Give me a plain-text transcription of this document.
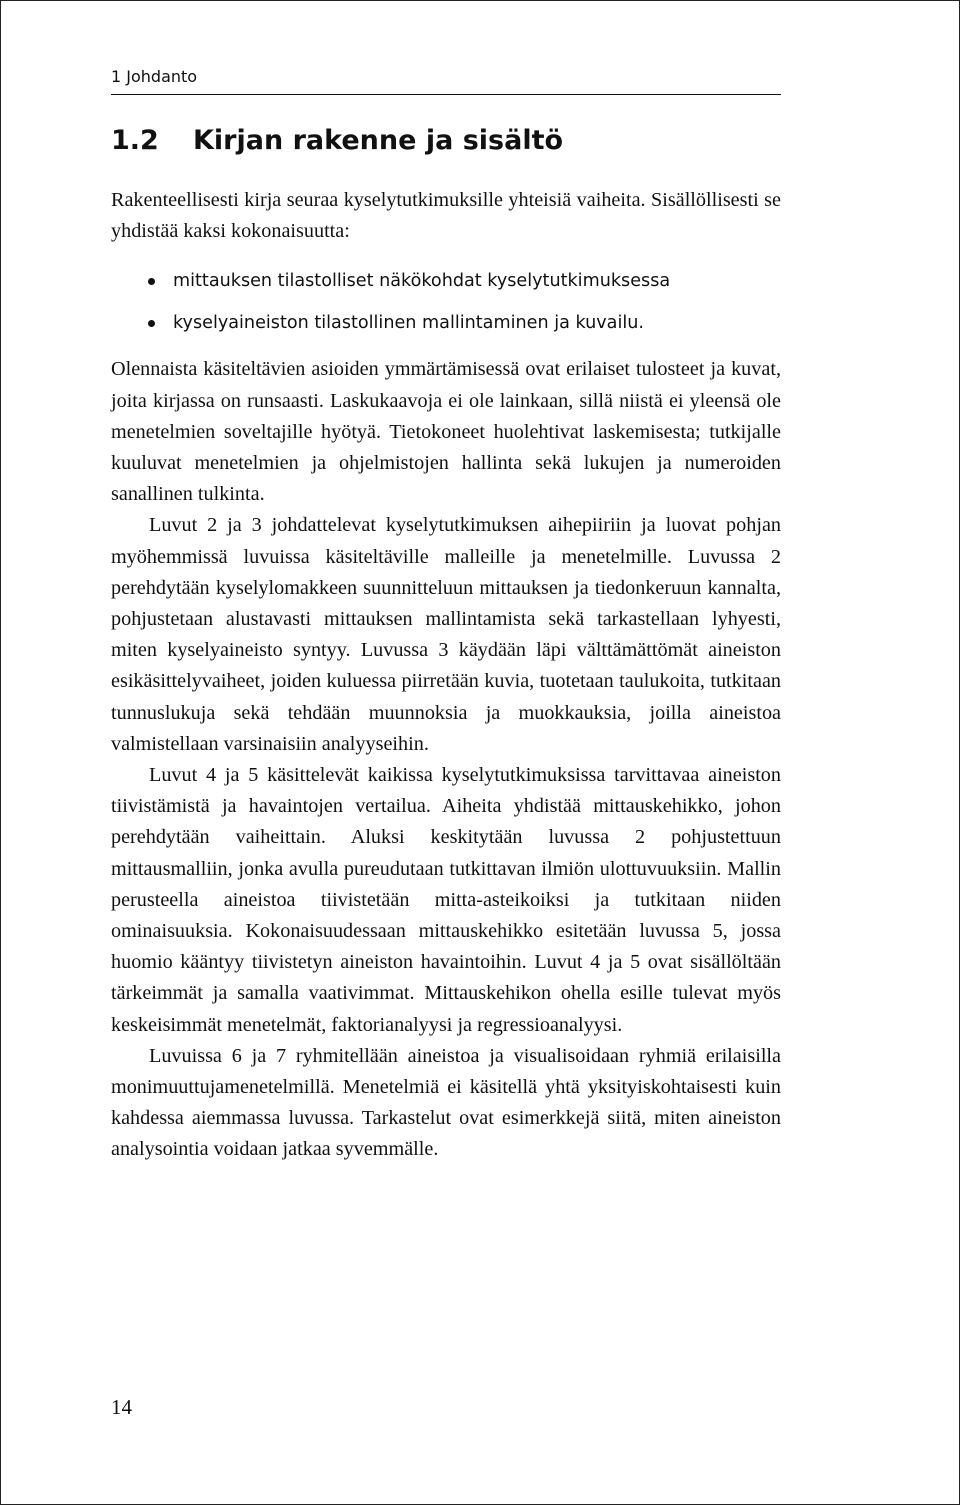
1 Johdanto
1.2 Kirjan rakenne ja sisältö

Rakenteellisesti kirja seuraa kyselytutkimuksille yhteisiä vaiheita. Sisällöllisesti se yhdistää kaksi kokonaisuutta:

mittauksen tilastolliset näkökohdat kyselytutkimuksessa
kyselyaineiston tilastollinen mallintaminen ja kuvailu.

Olennaista käsiteltävien asioiden ymmärtämisessä ovat erilaiset tulosteet ja kuvat, joita kirjassa on runsaasti. Laskukaavoja ei ole lainkaan, sillä niistä ei yleensä ole menetelmien soveltajille hyötyä. Tietokoneet huolehtivat laskemisesta; tutkijalle kuuluvat menetelmien ja ohjelmistojen hallinta sekä lukujen ja numeroiden sanallinen tulkinta.

Luvut 2 ja 3 johdattelevat kyselytutkimuksen aihepiiriin ja luovat pohjan myöhemmissä luvuissa käsiteltäville malleille ja menetelmille. Luvussa 2 perehdytään kyselylomakkeen suunnitteluun mittauksen ja tiedonkeruun kannalta, pohjustetaan alustavasti mittauksen mallintamista sekä tarkastellaan lyhyesti, miten kyselyaineisto syntyy. Luvussa 3 käydään läpi välttämättömät aineiston esikäsittelyvaiheet, joiden kuluessa piirretään kuvia, tuotetaan taulukoita, tutkitaan tunnuslukuja sekä tehdään muunnoksia ja muokkauksia, joilla aineistoa valmistellaan varsinaisiin analyyseihin.

Luvut 4 ja 5 käsittelevät kaikissa kyselytutkimuksissa tarvittavaa aineiston tiivistämistä ja havaintojen vertailua. Aiheita yhdistää mittauskehikko, johon perehdytään vaiheittain. Aluksi keskitytään luvussa 2 pohjustettuun mittausmalliin, jonka avulla pureudutaan tutkittavan ilmiön ulottuvuuksiin. Mallin perusteella aineistoa tiivistetään mitta-asteikoiksi ja tutkitaan niiden ominaisuuksia. Kokonaisuudessaan mittauskehikko esitetään luvussa 5, jossa huomio kääntyy tiivistetyn aineiston havaintoihin. Luvut 4 ja 5 ovat sisällöltään tärkeimmät ja samalla vaativimmat. Mittauskehikon ohella esille tulevat myös keskeisimmät menetelmät, faktorianalyysi ja regressioanalyysi.

Luvuissa 6 ja 7 ryhmitellään aineistoa ja visualisoidaan ryhmiä erilaisilla monimuuttujamenetelmillä. Menetelmiä ei käsitellä yhtä yksityiskohtaisesti kuin kahdessa aiemmassa luvussa. Tarkastelut ovat esimerkkejä siitä, miten aineiston analysointia voidaan jatkaa syvemmälle.

14
